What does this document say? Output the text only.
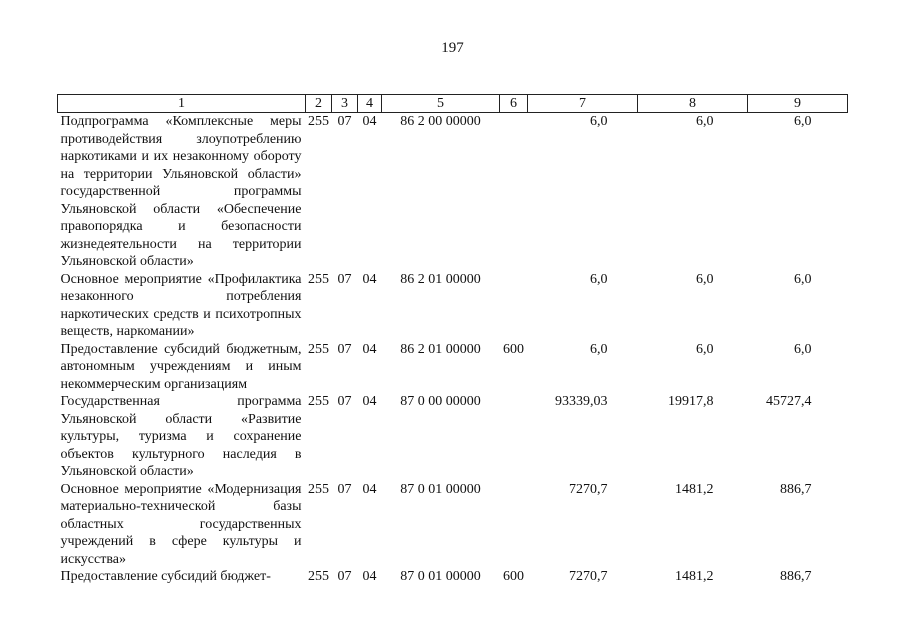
197
1	2	3	4	5	6	7	8	9
Подпрограмма «Комплексные меры противодействия злоупотреблению наркотиками и их незаконному обороту на территории Ульяновской области» государственной программы Ульяновской области «Обеспечение правопорядка и безопасности жизнедеятельности на территории Ульяновской области»	255	07	04	86 2 00 00000		6,0	6,0	6,0
Основное мероприятие «Профилактика незаконного потребления наркотических средств и психотропных веществ, наркомании»	255	07	04	86 2 01 00000		6,0	6,0	6,0
Предоставление субсидий бюджетным, автономным учреждениям и иным некоммерческим организациям	255	07	04	86 2 01 00000	600	6,0	6,0	6,0
Государственная программа Ульяновской области «Развитие культуры, туризма и сохранение объектов культурного наследия в Ульяновской области»	255	07	04	87 0 00 00000		93339,03	19917,8	45727,4
Основное мероприятие «Модернизация материально-технической базы областных государственных учреждений в сфере культуры и искусства»	255	07	04	87 0 01 00000		7270,7	1481,2	886,7
Предоставление субсидий бюджет-	255	07	04	87 0 01 00000	600	7270,7	1481,2	886,7
